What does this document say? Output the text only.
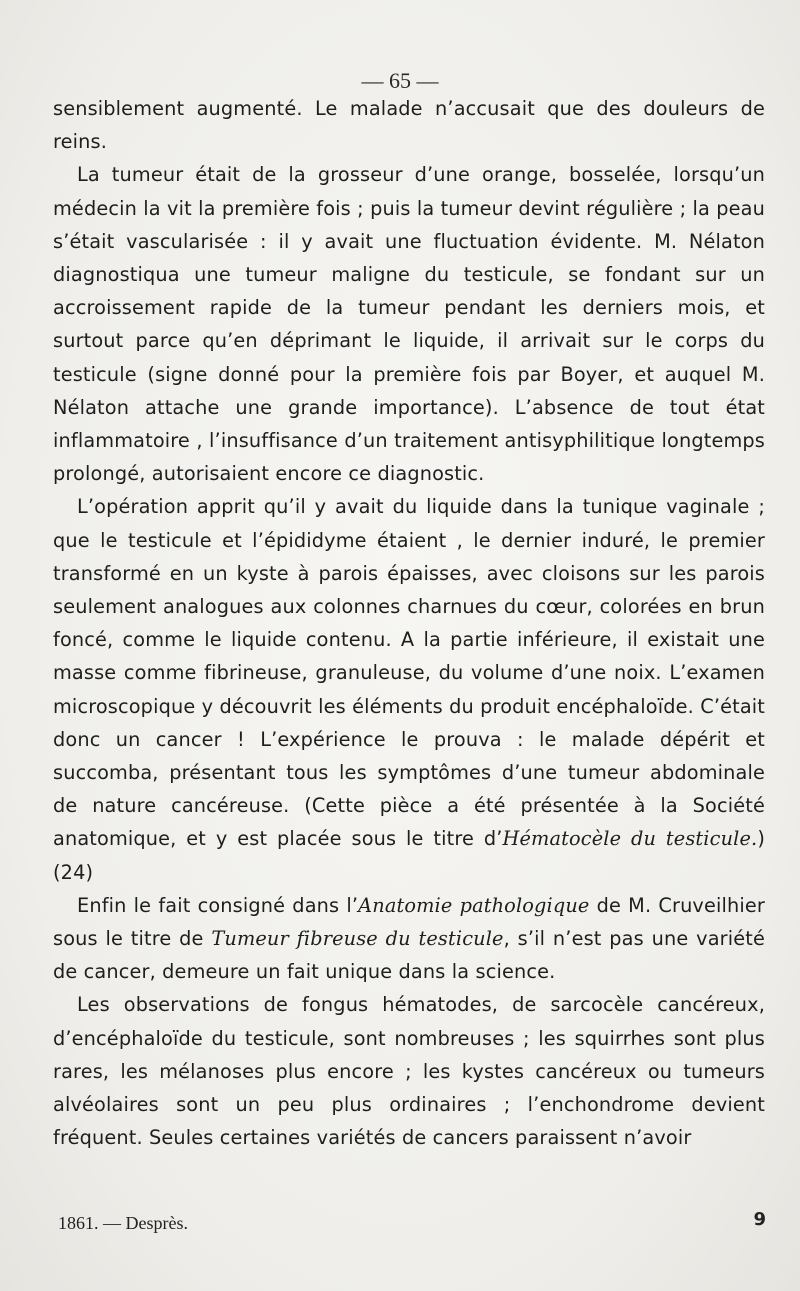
— 65 —

sensiblement augmenté. Le malade n’accusait que des douleurs de reins.

La tumeur était de la grosseur d’une orange, bosselée, lorsqu’un médecin la vit la première fois ; puis la tumeur devint régulière ; la peau s’était vascularisée : il y avait une fluctuation évidente. M. Nélaton diagnostiqua une tumeur maligne du testicule, se fondant sur un accroissement rapide de la tumeur pendant les derniers mois, et surtout parce qu’en déprimant le liquide, il arrivait sur le corps du testicule (signe donné pour la première fois par Boyer, et auquel M. Nélaton attache une grande importance). L’absence de tout état inflammatoire , l’insuffisance d’un traitement antisyphilitique longtemps prolongé, autorisaient encore ce diagnostic.

L’opération apprit qu’il y avait du liquide dans la tunique vaginale ; que le testicule et l’épididyme étaient , le dernier induré, le premier transformé en un kyste à parois épaisses, avec cloisons sur les parois seulement analogues aux colonnes charnues du cœur, colorées en brun foncé, comme le liquide contenu. A la partie inférieure, il existait une masse comme fibrineuse, granuleuse, du volume d’une noix. L’examen microscopique y découvrit les éléments du produit encéphaloïde. C’était donc un cancer ! L’expérience le prouva : le malade dépérit et succomba, présentant tous les symptômes d’une tumeur abdominale de nature cancéreuse. (Cette pièce a été présentée à la Société anatomique, et y est placée sous le titre d’Hématocèle du testicule.) (24)

Enfin le fait consigné dans l’Anatomie pathologique de M. Cruveilhier sous le titre de Tumeur fibreuse du testicule, s’il n’est pas une variété de cancer, demeure un fait unique dans la science.

Les observations de fongus hématodes, de sarcocèle cancéreux, d’encéphaloïde du testicule, sont nombreuses ; les squirrhes sont plus rares, les mélanoses plus encore ; les kystes cancéreux ou tumeurs alvéolaires sont un peu plus ordinaires ; l’enchondrome devient fréquent. Seules certaines variétés de cancers paraissent n’avoir

1861. — Desprès.	9
